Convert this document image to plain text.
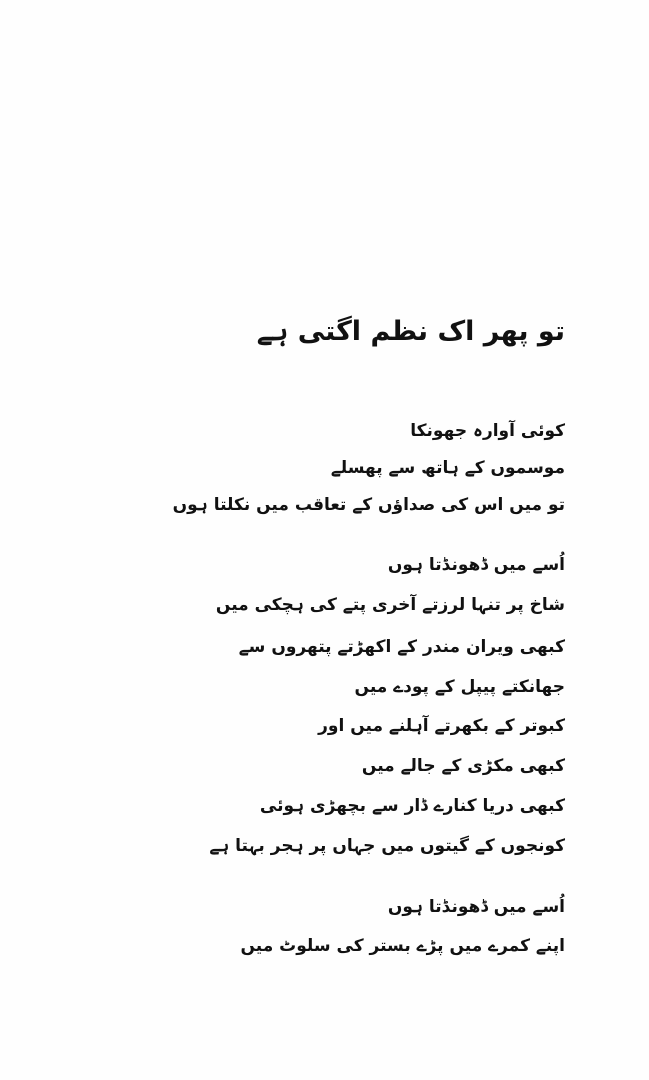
تو پھر اک نظم اگتی ہے
کوئی آوارہ جھونکا
موسموں کے ہاتھ سے پھسلے
تو میں اس کی صداؤں کے تعاقب میں نکلتا ہوں
اُسے میں ڈھونڈتا ہوں
شاخ پر تنہا لرزتے آخری پتے کی ہچکی میں
کبھی ویران مندر کے اکھڑتے پتھروں سے
جھانکتے پیپل کے پودے میں
کبوتر کے بکھرتے آہلنے میں اور
کبھی مکڑی کے جالے میں
کبھی دریا کنارے ڈار سے بچھڑی ہوئی
کونجوں کے گیتوں میں جہاں پر ہجر بہتا ہے
اُسے میں ڈھونڈتا ہوں
اپنے کمرے میں پڑے بستر کی سلوٹ میں
